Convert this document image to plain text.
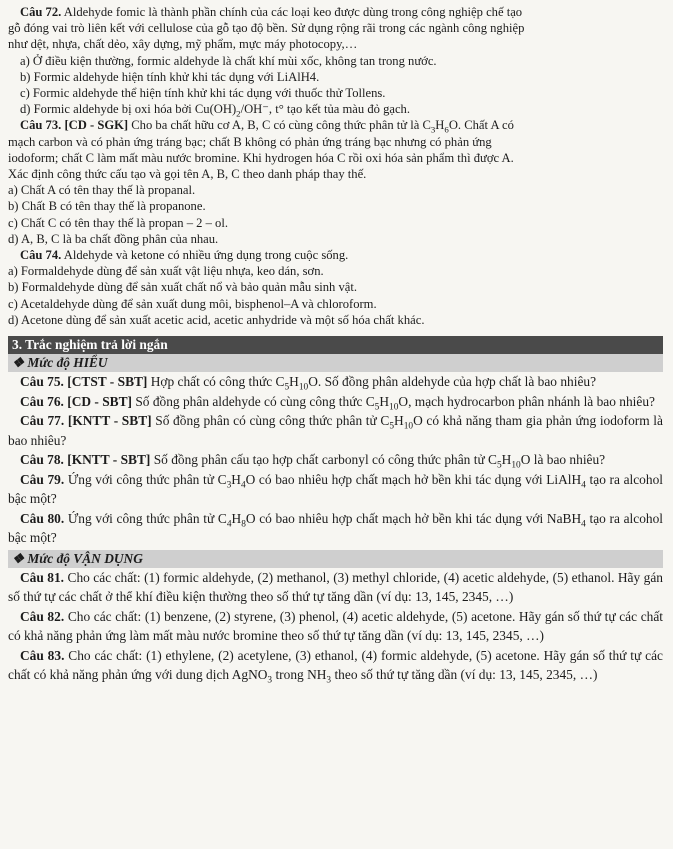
Câu 72. Aldehyde fomic là thành phần chính của các loại keo được dùng trong công nghiệp chế tạo

gỗ đóng vai trò liên kết với cellulose của gỗ tạo độ bền. Sử dụng rộng rãi trong các ngành công nghiệp

như dệt, nhựa, chất dẻo, xây dựng, mỹ phẩm, mực máy photocopy,…

a) Ở điều kiện thường, formic aldehyde là chất khí mùi xốc, không tan trong nước.

b) Formic aldehyde hiện tính khử khi tác dụng với LiAlH4.

c) Formic aldehyde thể hiện tính khử khi tác dụng với thuốc thử Tollens.

d) Formic aldehyde bị oxi hóa bởi $Cu(OH)_2/OH^-$, t° tạo kết tủa màu đỏ gạch.

Câu 73. [CD - SGK] Cho ba chất hữu cơ A, B, C có cùng công thức phân tử là $C_3H_6O$. Chất A có

mạch carbon và có phản ứng tráng bạc; chất B không có phản ứng tráng bạc nhưng có phản ứng

iodoform; chất C làm mất màu nước bromine. Khi hydrogen hóa C rồi oxi hóa sản phẩm thì được A.

Xác định công thức cấu tạo và gọi tên A, B, C theo danh pháp thay thế.

a) Chất A có tên thay thế là propanal.

b) Chất B có tên thay thế là propanone.

c) Chất C có tên thay thế là propan – 2 – ol.

d) A, B, C là ba chất đồng phân của nhau.

Câu 74. Aldehyde và ketone có nhiều ứng dụng trong cuộc sống.

a) Formaldehyde dùng để sản xuất vật liệu nhựa, keo dán, sơn.

b) Formaldehyde dùng để sản xuất chất nổ và bảo quản mẫu sinh vật.

c) Acetaldehyde dùng để sản xuất dung môi, bisphenol–A và chloroform.

d) Acetone dùng để sản xuất acetic acid, acetic anhydride và một số hóa chất khác.

3. Trắc nghiệm trả lời ngắn
❖ Mức độ HIỂU

Câu 75. [CTST - SBT] Hợp chất có công thức $C_5H_{10}O$. Số đồng phân aldehyde của hợp chất là bao nhiêu?

Câu 76. [CD - SBT] Số đồng phân aldehyde có cùng công thức $C_5H_{10}O$, mạch hydrocarbon phân nhánh là bao nhiêu?

Câu 77. [KNTT - SBT] Số đồng phân có cùng công thức phân tử $C_5H_{10}O$ có khả năng tham gia phản ứng iodoform là bao nhiêu?

Câu 78. [KNTT - SBT] Số đồng phân cấu tạo hợp chất carbonyl có công thức phân tử $C_5H_{10}O$ là bao nhiêu?

Câu 79. Ứng với công thức phân tử $C_3H_4O$ có bao nhiêu hợp chất mạch hở bền khi tác dụng với LiAlH$_4$ tạo ra alcohol bậc một?

Câu 80. Ứng với công thức phân tử $C_4H_8O$ có bao nhiêu hợp chất mạch hở bền khi tác dụng với NaBH$_4$ tạo ra alcohol bậc một?

❖ Mức độ VẬN DỤNG

Câu 81. Cho các chất: (1) formic aldehyde, (2) methanol, (3) methyl chloride, (4) acetic aldehyde, (5) ethanol. Hãy gán số thứ tự các chất ở thể khí điều kiện thường theo số thứ tự tăng dần (ví dụ: 13, 145, 2345, …)

Câu 82. Cho các chất: (1) benzene, (2) styrene, (3) phenol, (4) acetic aldehyde, (5) acetone. Hãy gán số thứ tự các chất có khả năng phản ứng làm mất màu nước bromine theo số thứ tự tăng dần (ví dụ: 13, 145, 2345, …)

Câu 83. Cho các chất: (1) ethylene, (2) acetylene, (3) ethanol, (4) formic aldehyde, (5) acetone. Hãy gán số thứ tự các chất có khả năng phản ứng với dung dịch AgNO$_3$ trong $NH_3$ theo số thứ tự tăng dần (ví dụ: 13, 145, 2345, …)
